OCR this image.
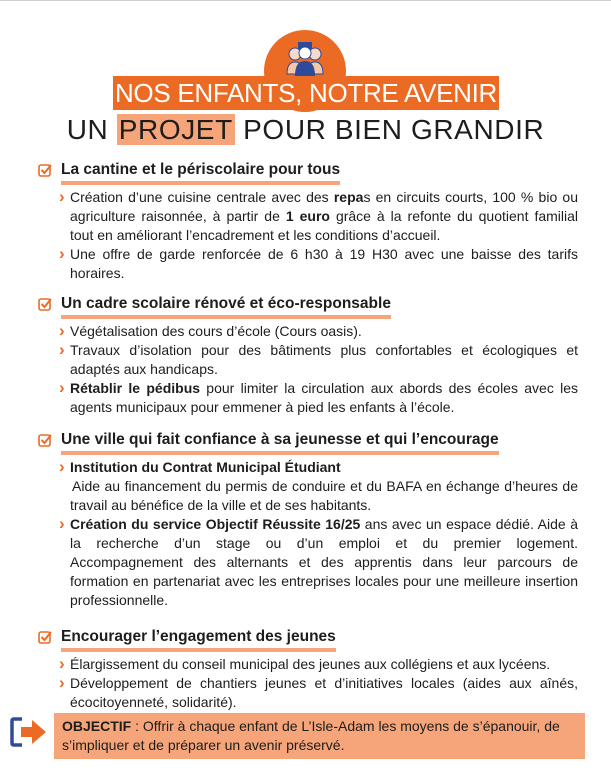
NOS ENFANTS, NOTRE AVENIR
UN PROJET POUR BIEN GRANDIR
La cantine et le périscolaire pour tous
› Création d’une cuisine centrale avec des repas en circuits courts, 100 % bio ou agriculture raisonnée, à partir de 1 euro grâce à la refonte du quotient familial tout en améliorant l’encadrement et les conditions d’accueil.
› Une offre de garde renforcée de 6 h30 à 19 H30 avec une baisse des tarifs horaires.
Un cadre scolaire rénové et éco-responsable
› Végétalisation des cours d’école (Cours oasis).
› Travaux d’isolation pour des bâtiments plus confortables et écologiques et adaptés aux handicaps.
› Rétablir le pédibus pour limiter la circulation aux abords des écoles avec les agents municipaux pour emmener à pied les enfants à l’école.
Une ville qui fait confiance à sa jeunesse et qui l’encourage
› Institution du Contrat Municipal Étudiant
Aide au financement du permis de conduire et du BAFA en échange d’heures de travail au bénéfice de la ville et de ses habitants.
› Création du service Objectif Réussite 16/25 ans avec un espace dédié. Aide à la recherche d’un stage ou d’un emploi et du premier logement. Accompagnement des alternants et des apprentis dans leur parcours de formation en partenariat avec les entreprises locales pour une meilleure insertion professionnelle.
Encourager l’engagement des jeunes
› Élargissement du conseil municipal des jeunes aux collégiens et aux lycéens.
› Développement de chantiers jeunes et d’initiatives locales (aides aux aînés, écocitoyenneté, solidarité).
OBJECTIF : Offrir à chaque enfant de L’Isle-Adam les moyens de s’épanouir, de s’impliquer et de préparer un avenir préservé.
